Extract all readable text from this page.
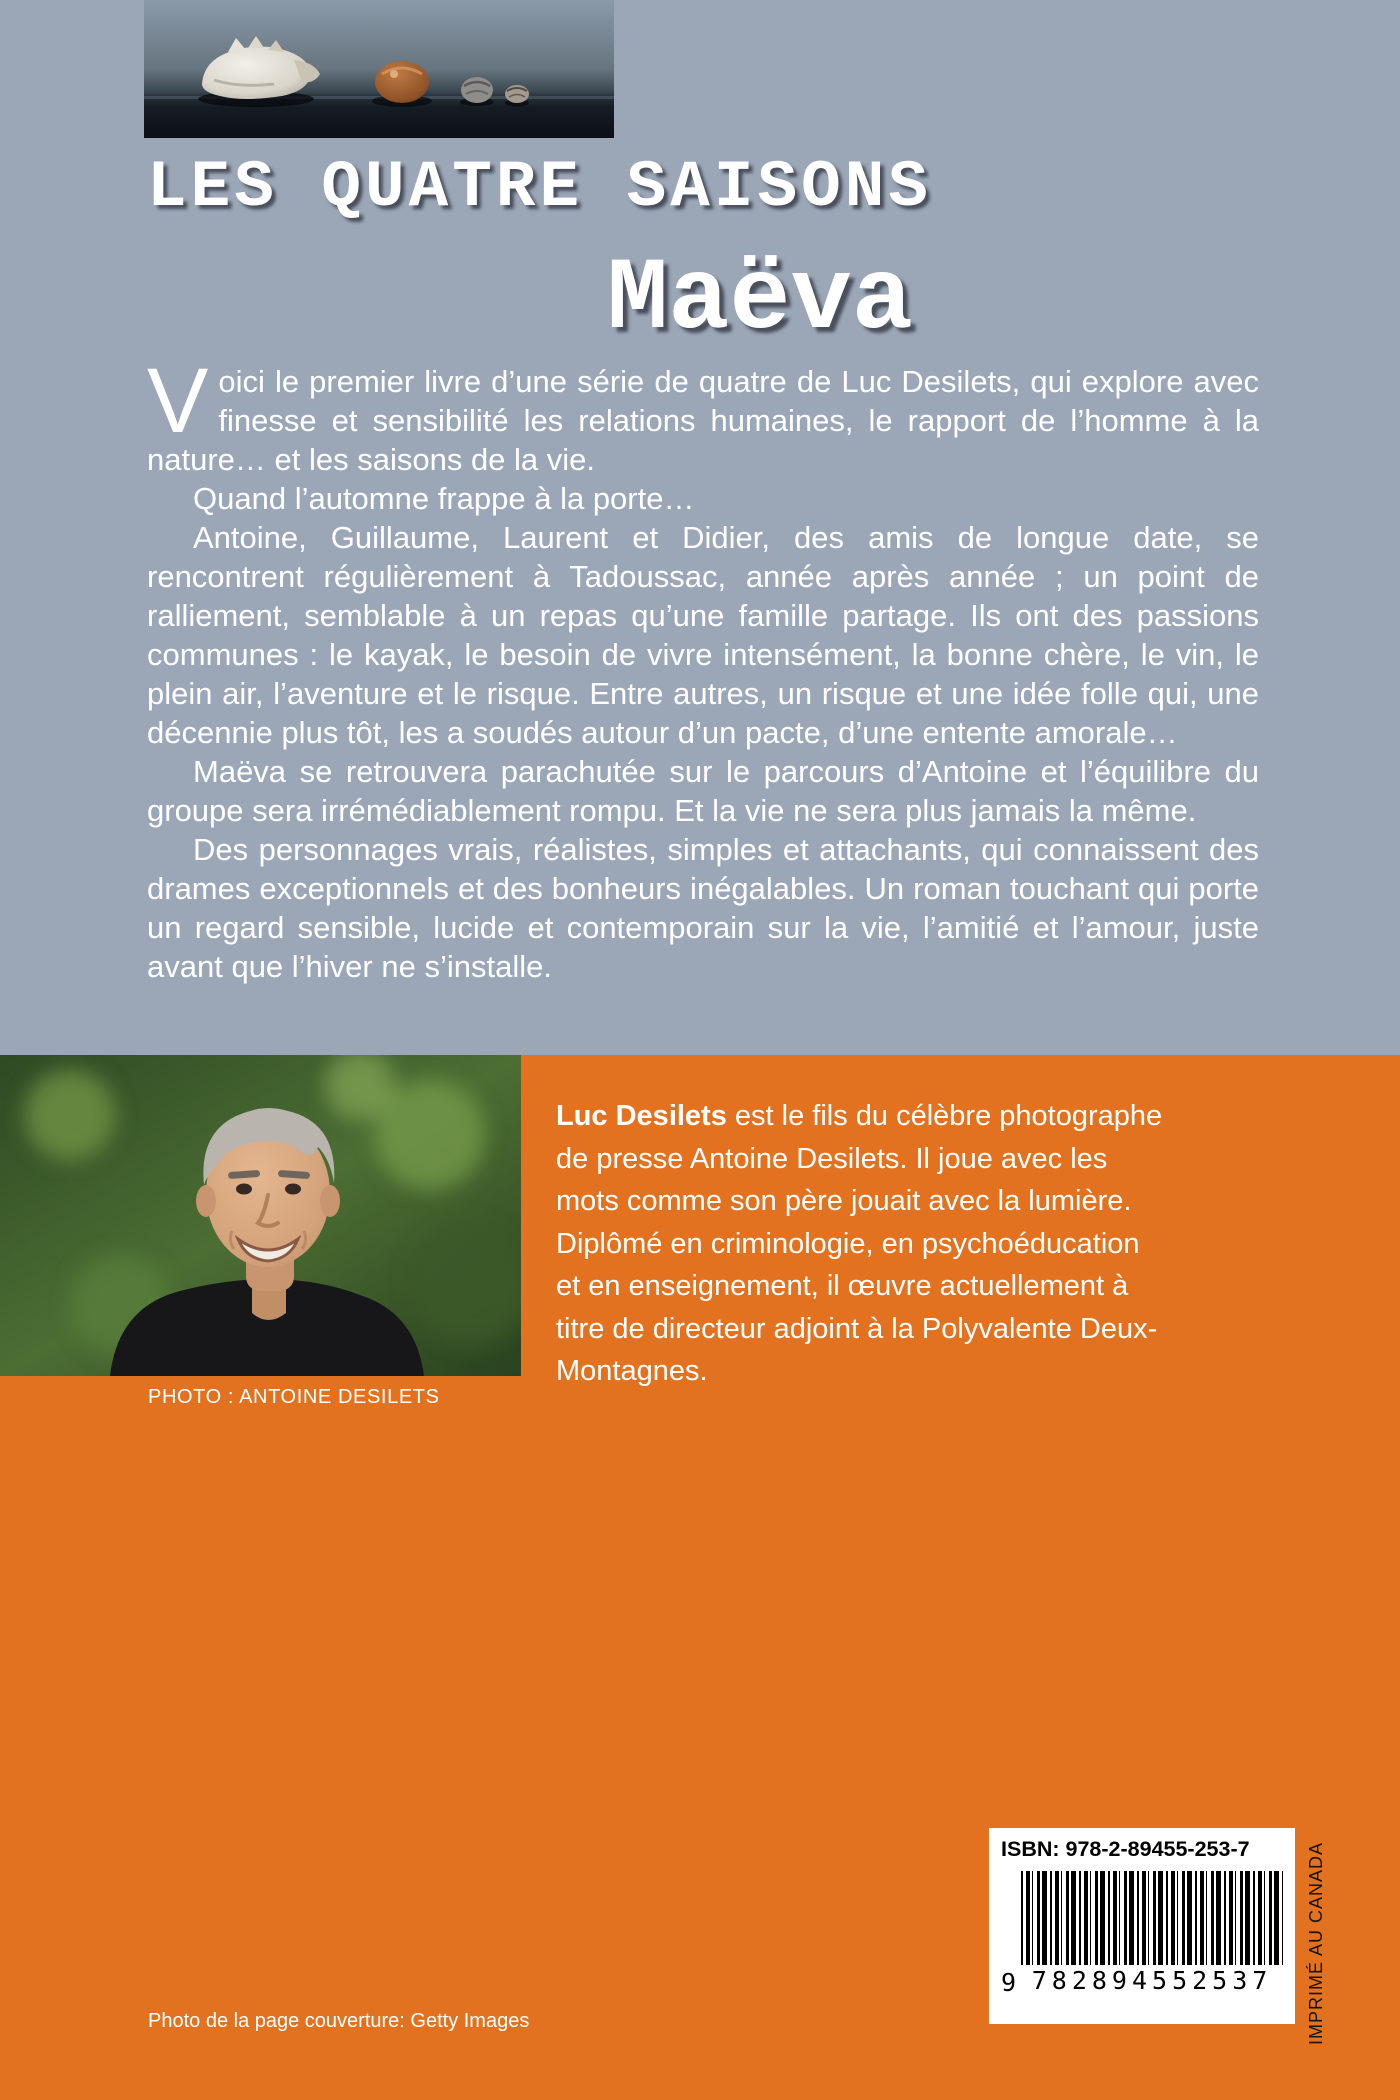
LES QUATRE SAISONS
Maëva

Voici le premier livre d’une série de quatre de Luc Desilets, qui explore avec finesse et sensibilité les relations humaines, le rapport de l’homme à la nature… et les saisons de la vie.

Quand l’automne frappe à la porte…

Antoine, Guillaume, Laurent et Didier, des amis de longue date, se rencontrent régulièrement à Tadoussac, année après année ; un point de ralliement, semblable à un repas qu’une famille partage. Ils ont des passions communes : le kayak, le besoin de vivre intensément, la bonne chère, le vin, le plein air, l’aventure et le risque. Entre autres, un risque et une idée folle qui, une décennie plus tôt, les a soudés autour d’un pacte, d’une entente amorale…

Maëva se retrouvera parachutée sur le parcours d’Antoine et l’équilibre du groupe sera irrémédiablement rompu. Et la vie ne sera plus jamais la même.

Des personnages vrais, réalistes, simples et attachants, qui connaissent des drames exceptionnels et des bonheurs inégalables. Un roman touchant qui porte un regard sensible, lucide et contemporain sur la vie, l’amitié et l’amour, juste avant que l’hiver ne s’installe.

PHOTO : ANTOINE DESILETS
Luc Desilets est le fils du célèbre photographe de presse Antoine Desilets. Il joue avec les mots comme son père jouait avec la lumière. Diplômé en criminologie, en psychoéducation et en enseignement, il œuvre actuellement à titre de directeur adjoint à la Polyvalente Deux-Montagnes.
ISBN: 978-2-89455-253-7
9 782894552537	IMPRIMÉ AU CANADA
Photo de la page couverture: Getty Images
